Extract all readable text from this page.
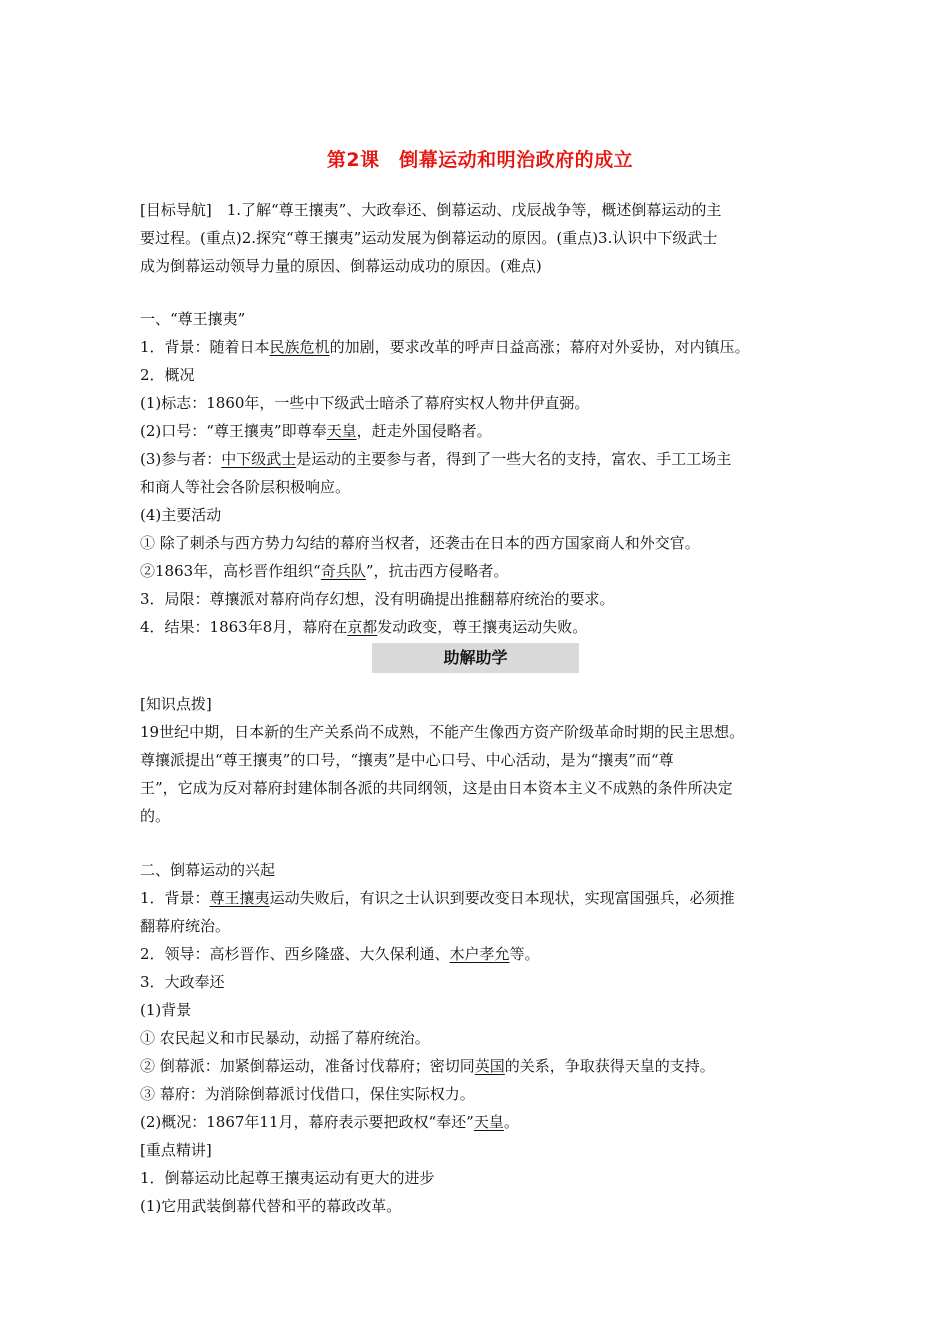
第2课　倒幕运动和明治政府的成立
[目标导航]　1.了解“尊王攘夷”、大政奉还、倒幕运动、戊辰战争等，概述倒幕运动的主
要过程。(重点)2.探究“尊王攘夷”运动发展为倒幕运动的原因。(重点)3.认识中下级武士
成为倒幕运动领导力量的原因、倒幕运动成功的原因。(难点)
一、“尊王攘夷”
1．背景：随着日本民族危机的加剧，要求改革的呼声日益高涨；幕府对外妥协，对内镇压。
2．概况
(1)标志：1860年，一些中下级武士暗杀了幕府实权人物井伊直弼。
(2)口号：“尊王攘夷”即尊奉天皇，赶走外国侵略者。
(3)参与者：中下级武士是运动的主要参与者，得到了一些大名的支持，富农、手工工场主
和商人等社会各阶层积极响应。
(4)主要活动
① 除了刺杀与西方势力勾结的幕府当权者，还袭击在日本的西方国家商人和外交官。
②1863年，高杉晋作组织“奇兵队”，抗击西方侵略者。
3．局限：尊攘派对幕府尚存幻想，没有明确提出推翻幕府统治的要求。
4．结果：1863年8月，幕府在京都发动政变，尊王攘夷运动失败。
助解助学
[知识点拨]
19世纪中期，日本新的生产关系尚不成熟，不能产生像西方资产阶级革命时期的民主思想。
尊攘派提出“尊王攘夷”的口号，“攘夷”是中心口号、中心活动，是为“攘夷”而“尊
王”，它成为反对幕府封建体制各派的共同纲领，这是由日本资本主义不成熟的条件所决定
的。
二、倒幕运动的兴起
1．背景：尊王攘夷运动失败后，有识之士认识到要改变日本现状，实现富国强兵，必须推
翻幕府统治。
2．领导：高杉晋作、西乡隆盛、大久保利通、木户孝允等。
3．大政奉还
(1)背景
① 农民起义和市民暴动，动摇了幕府统治。
② 倒幕派：加紧倒幕运动，准备讨伐幕府；密切同英国的关系，争取获得天皇的支持。
③ 幕府：为消除倒幕派讨伐借口，保住实际权力。
(2)概况：1867年11月，幕府表示要把政权“奉还”天皇。
[重点精讲]
1．倒幕运动比起尊王攘夷运动有更大的进步
(1)它用武装倒幕代替和平的幕政改革。
